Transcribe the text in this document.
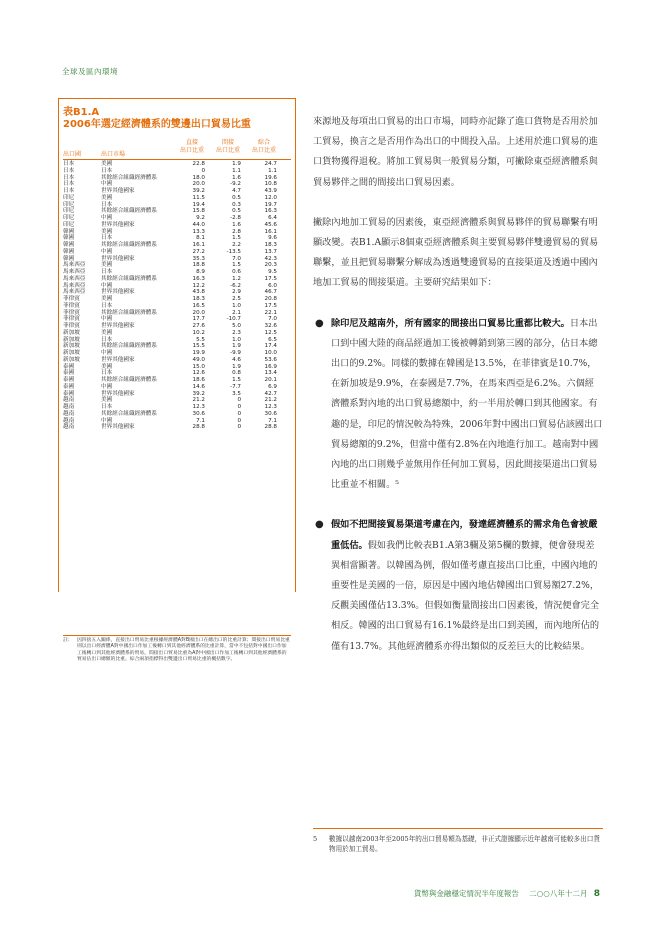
全球及區內環境
表B1.A
2006年選定經濟體系的雙邊出口貿易比重
出口國	出口市場
直接
出口比重
間接
出口比重
綜合
出口比重
日本	美國	22.8	1.9	24.7
日本	日本	0	1.1	1.1
日本	其餘經合組織經濟體系	18.0	1.6	19.6
日本	中國	20.0	-9.2	10.8
日本	世界其他國家	39.2	4.7	43.9
印尼	美國	11.5	0.5	12.0
印尼	日本	19.4	0.3	19.7
印尼	其餘經合組織經濟體系	15.8	0.5	16.3
印尼	中國	9.2	-2.8	6.4
印尼	世界其他國家	44.0	1.6	45.6
韓國	美國	13.3	2.8	16.1
韓國	日本	8.1	1.5	9.6
韓國	其餘經合組織經濟體系	16.1	2.2	18.3
韓國	中國	27.2	-13.5	13.7
韓國	世界其他國家	35.3	7.0	42.3
馬來西亞	美國	18.8	1.5	20.3
馬來西亞	日本	8.9	0.6	9.5
馬來西亞	其餘經合組織經濟體系	16.3	1.2	17.5
馬來西亞	中國	12.2	-6.2	6.0
馬來西亞	世界其他國家	43.8	2.9	46.7
菲律賓	美國	18.3	2.5	20.8
菲律賓	日本	16.5	1.0	17.5
菲律賓	其餘經合組織經濟體系	20.0	2.1	22.1
菲律賓	中國	17.7	-10.7	7.0
菲律賓	世界其他國家	27.6	5.0	32.6
新加坡	美國	10.2	2.3	12.5
新加坡	日本	5.5	1.0	6.5
新加坡	其餘經合組織經濟體系	15.5	1.9	17.4
新加坡	中國	19.9	-9.9	10.0
新加坡	世界其他國家	49.0	4.6	53.6
泰國	美國	15.0	1.9	16.9
泰國	日本	12.6	0.8	13.4
泰國	其餘經合組織經濟體系	18.6	1.5	20.1
泰國	中國	14.6	-7.7	6.9
泰國	世界其他國家	39.2	3.5	42.7
越南	美國	21.2	0	21.2
越南	日本	12.3	0	12.3
越南	其餘經合組織經濟體系	30.6	0	30.6
越南	中國	7.1	0	7.1
越南	世界其他國家	28.8	0	28.8
註： 因四捨五入關係，直接出口貿易比重根據經濟體A對B國出口在總出口的比重計算；間接出口貿易比重則以出口經濟體A對中國出口作加工後轉口到其他經濟體系的比重計算，當中不包括對中國出口作加工後轉口到其他經濟體系的貿易。間接出口貿易比重為A對中國出口作加工後轉口到其他經濟體系的貿易佔出口總額的比重。綜合兩項指標得出雙邊出口貿易比重的概括數字。

來源地及每項出口貿易的出口市場，同時亦記錄了進口貨物是否用於加工貿易，換言之是否用作為出口的中間投入品。上述用於進口貿易的進口貨物獲得退稅。將加工貿易與一般貿易分類，可撇除東亞經濟體系與貿易夥伴之間的間接出口貿易因素。

撇除內地加工貿易的因素後，東亞經濟體系與貿易夥伴的貿易聯繫有明顯改變。表B1.A顯示8個東亞經濟體系與主要貿易夥伴雙邊貿易的貿易聯繫，並且把貿易聯繫分解成為透過雙邊貿易的直接渠道及透過中國內地加工貿易的間接渠道。主要研究結果如下：

● 除印尼及越南外，所有國家的間接出口貿易比重都比較大。日本出口到中國大陸的商品經過加工後被轉銷到第三國的部分，佔日本總出口的9.2%。同樣的數據在韓國是13.5%，在菲律賓是10.7%，在新加坡是9.9%，在泰國是7.7%，在馬來西亞是6.2%。六個經濟體系對內地的出口貿易總額中，約一半用於轉口到其他國家。有趣的是，印尼的情況較為特殊，2006年對中國出口貿易佔該國出口貿易總額的9.2%，但當中僅有2.8%在內地進行加工。越南對中國內地的出口則幾乎並無用作任何加工貿易，因此間接渠道出口貿易比重並不相關。⁵

● 假如不把間接貿易渠道考慮在內，發達經濟體系的需求角色會被嚴重低估。假如我們比較表B1.A第3欄及第5欄的數據，便會發現差異相當顯著。以韓國為例，假如僅考慮直接出口比重，中國內地的重要性是美國的一倍，原因是中國內地佔韓國出口貿易額27.2%，反觀美國僅佔13.3%。但假如衡量間接出口因素後，情況便會完全相反。韓國的出口貿易有16.1%最終是出口到美國，而內地所佔的僅有13.7%。其他經濟體系亦得出類似的反差巨大的比較結果。

5 數據以越南2003年至2005年的出口貿易額為基礎，非正式證據顯示近年越南可能較多出口貨物用於加工貿易。
貨幣與金融穩定情況半年度報告 二○○八年十二月 8
